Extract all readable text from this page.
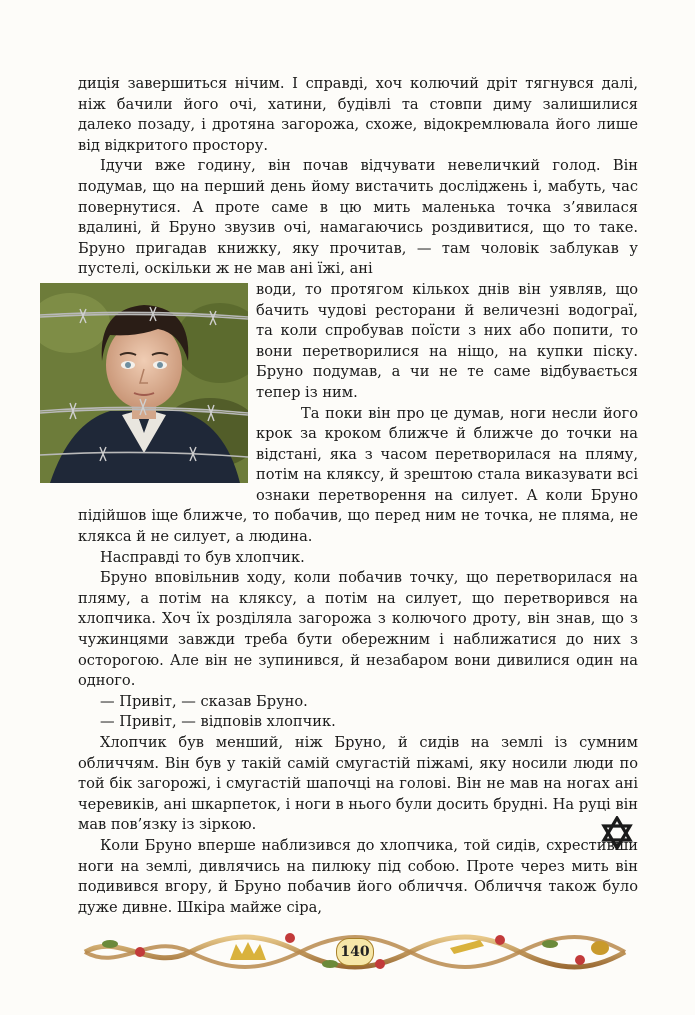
диція завершиться нічим. І справді, хоч колючий дріт тягнувся далі, ніж бачили його очі, хатини, будівлі та стовпи диму залишилися далеко позаду, і дротяна загорожа, схоже, відокремлювала його лише від відкритого простору.

Ідучи вже годину, він почав відчувати невеличкий голод. Він подумав, що на перший день йому вистачить досліджень і, мабуть, час повернутися. А проте саме в цю мить маленька точка з’явилася вдалині, й Бруно звузив очі, намагаючись роздивитися, що то таке. Бруно пригадав книжку, яку прочитав, — там чоловік заблукав у пустелі, оскільки ж не мав ані їжі, ані

води, то протягом кількох днів він уявляв, що бачить чудові ресторани й величезні водограї, та коли спробував поїсти з них або попити, то вони перетворилися на ніщо, на купки піску. Бруно подумав, а чи не те саме відбувається тепер із ним.

Та поки він про це думав, ноги несли його крок за кроком ближче й ближче до точки на відстані, яка з часом перетворилася на пляму, потім на кляксу, й зрештою стала виказувати всі ознаки перетворення на силует. А коли Бруно підійшов іще ближче, то побачив, що перед ним не точка, не пляма, не клякса й не силует, а людина.

Насправді то був хлопчик.

Бруно вповільнив ходу, коли побачив точку, що перетворилася на пляму, а потім на кляксу, а потім на силует, що перетворився на хлопчика. Хоч їх розділяла загорожа з колючого дроту, він знав, що з чужинцями завжди треба бути обережним і наближатися до них з осторогою. Але він не зупинився, й незабаром вони дивилися один на одного.

— Привіт, — сказав Бруно.

— Привіт, — відповів хлопчик.

Хлопчик був менший, ніж Бруно, й сидів на землі із сумним обличчям. Він був у такій самій смугастій піжамі, яку носили люди по той бік загорожі, і смугастій шапочці на голові. Він не мав на ногах ані черевиків, ані шкарпеток, і ноги в нього були досить брудні. На руці він мав пов’язку із зіркою.

Коли Бруно вперше наблизився до хлопчика, той сидів, схрестивши ноги на землі, дивлячись на пилюку під собою. Проте через мить він подивився вгору, й Бруно побачив його обличчя. Обличчя також було дуже дивне. Шкіра майже сіра,

140
